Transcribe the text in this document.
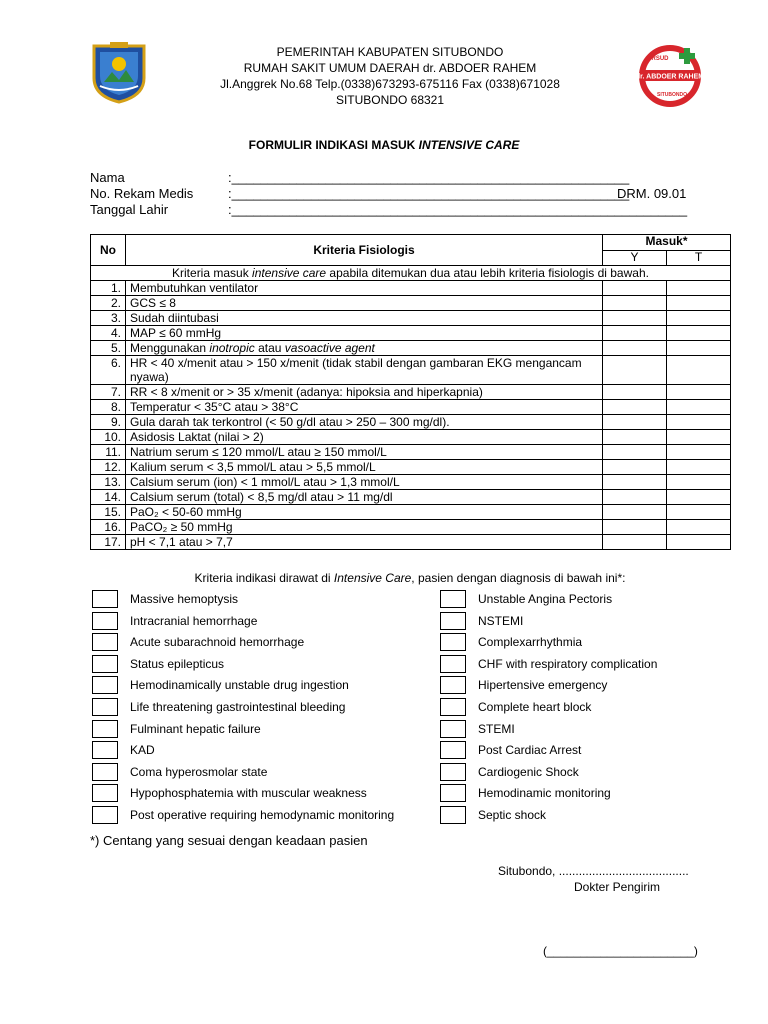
dr. ABDOER RAHEM
RSUD
SITUBONDO
PEMERINTAH KABUPATEN SITUBONDO
RUMAH SAKIT UMUM DAERAH dr. ABDOER RAHEM
Jl.Anggrek No.68 Telp.(0338)673293-675116 Fax (0338)671028
SITUBONDO 68321
FORMULIR INDIKASI MASUK INTENSIVE CARE
Nama	:_______________________________________________________
No. Rekam Medis	:_______________________________________________________
DRM. 09.01
Tanggal Lahir	:_______________________________________________________________
No	Kriteria Fisiologis	Masuk*	
		Y	T
Kriteria masuk intensive care apabila ditemukan dua atau lebih kriteria fisiologis di bawah.			
1.	Membutuhkan ventilator		
2.	GCS ≤ 8		
3.	Sudah diintubasi		
4.	MAP ≤ 60 mmHg		
5.	Menggunakan inotropic atau vasoactive agent		
6.	HR < 40 x/menit atau > 150 x/menit (tidak stabil dengan gambaran EKG mengancam nyawa)		
7.	RR < 8 x/menit or > 35 x/menit (adanya: hipoksia and hiperkapnia)		
8.	Temperatur < 35°C atau > 38°C		
9.	Gula darah tak terkontrol (< 50 g/dl atau > 250 – 300 mg/dl).		
10.	Asidosis Laktat (nilai > 2)		
11.	Natrium serum ≤ 120 mmol/L atau ≥ 150 mmol/L		
12.	Kalium serum < 3,5 mmol/L atau > 5,5 mmol/L		
13.	Calsium serum (ion) < 1 mmol/L atau > 1,3 mmol/L		
14.	Calsium serum (total) < 8,5 mg/dl atau > 11 mg/dl		
15.	PaO₂ < 50-60 mmHg		
16.	PaCO₂ ≥ 50 mmHg		
17.	pH < 7,1 atau > 7,7		
Kriteria indikasi dirawat di Intensive Care, pasien dengan diagnosis di bawah ini*:
Massive hemoptysis
Intracranial hemorrhage
Acute subarachnoid hemorrhage
Status epilepticus
Hemodinamically unstable drug ingestion
Life threatening gastrointestinal bleeding
Fulminant hepatic failure
KAD
Coma hyperosmolar state
Hypophosphatemia with muscular weakness
Post operative requiring hemodynamic monitoring
Unstable Angina Pectoris
NSTEMI
Complexarrhythmia
CHF with respiratory complication
Hipertensive emergency
Complete heart block
STEMI
Post Cardiac Arrest
Cardiogenic Shock
Hemodinamic monitoring
Septic shock
*) Centang yang sesuai dengan keadaan pasien
Situbondo, .......................................
Dokter Pengirim
(______________________)
